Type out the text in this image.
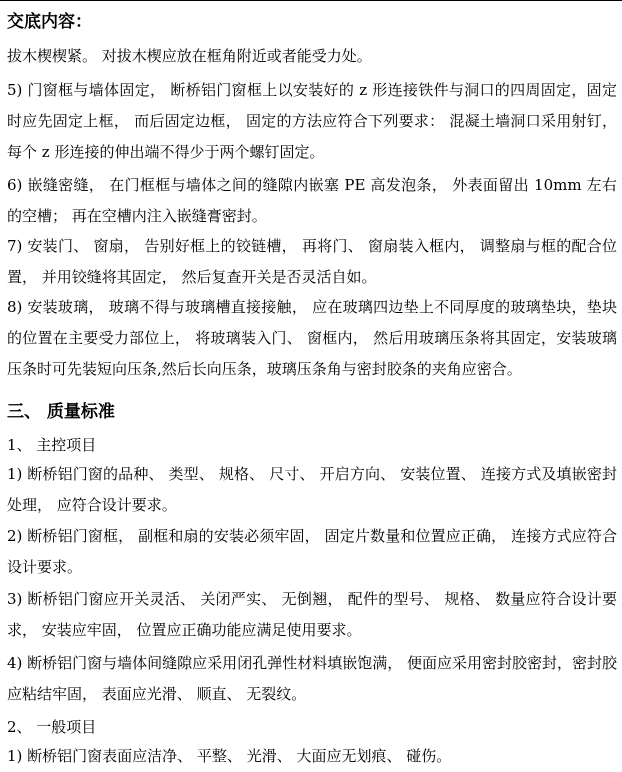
交底内容：
拔木楔楔紧。 对拔木楔应放在框角附近或者能受力处。
5) 门窗框与墙体固定， 断桥铝门窗框上以安装好的 z 形连接铁件与洞口的四周固定，固定时应先固定上框， 而后固定边框， 固定的方法应符合下列要求： 混凝土墙洞口采用射钉， 每个 z 形连接的伸出端不得少于两个螺钉固定。
6) 嵌缝密缝， 在门框框与墙体之间的缝隙内嵌塞 PE 高发泡条， 外表面留出 10mm 左右的空槽； 再在空槽内注入嵌缝膏密封。
7) 安装门、 窗扇， 告别好框上的铰链槽， 再将门、 窗扇装入框内， 调整扇与框的配合位置， 并用铰缝将其固定， 然后复查开关是否灵活自如。
8) 安装玻璃， 玻璃不得与玻璃槽直接接触， 应在玻璃四边垫上不同厚度的玻璃垫块，垫块的位置在主要受力部位上， 将玻璃装入门、 窗框内， 然后用玻璃压条将其固定，安装玻璃压条时可先装短向压条,然后长向压条，玻璃压条角与密封胶条的夹角应密合。
三、 质量标准
1、 主控项目
1) 断桥铝门窗的品种、 类型、 规格、 尺寸、 开启方向、 安装位置、 连接方式及填嵌密封处理， 应符合设计要求。
2) 断桥铝门窗框， 副框和扇的安装必须牢固， 固定片数量和位置应正确， 连接方式应符合设计要求。
3) 断桥铝门窗应开关灵活、 关闭严实、 无倒翘， 配件的型号、 规格、 数量应符合设计要求， 安装应牢固， 位置应正确功能应满足使用要求。
4) 断桥铝门窗与墙体间缝隙应采用闭孔弹性材料填嵌饱满， 便面应采用密封胶密封，密封胶应粘结牢固， 表面应光滑、 顺直、 无裂纹。
2、 一般项目
1) 断桥铝门窗表面应洁净、 平整、 光滑、 大面应无划痕、 碰伤。
